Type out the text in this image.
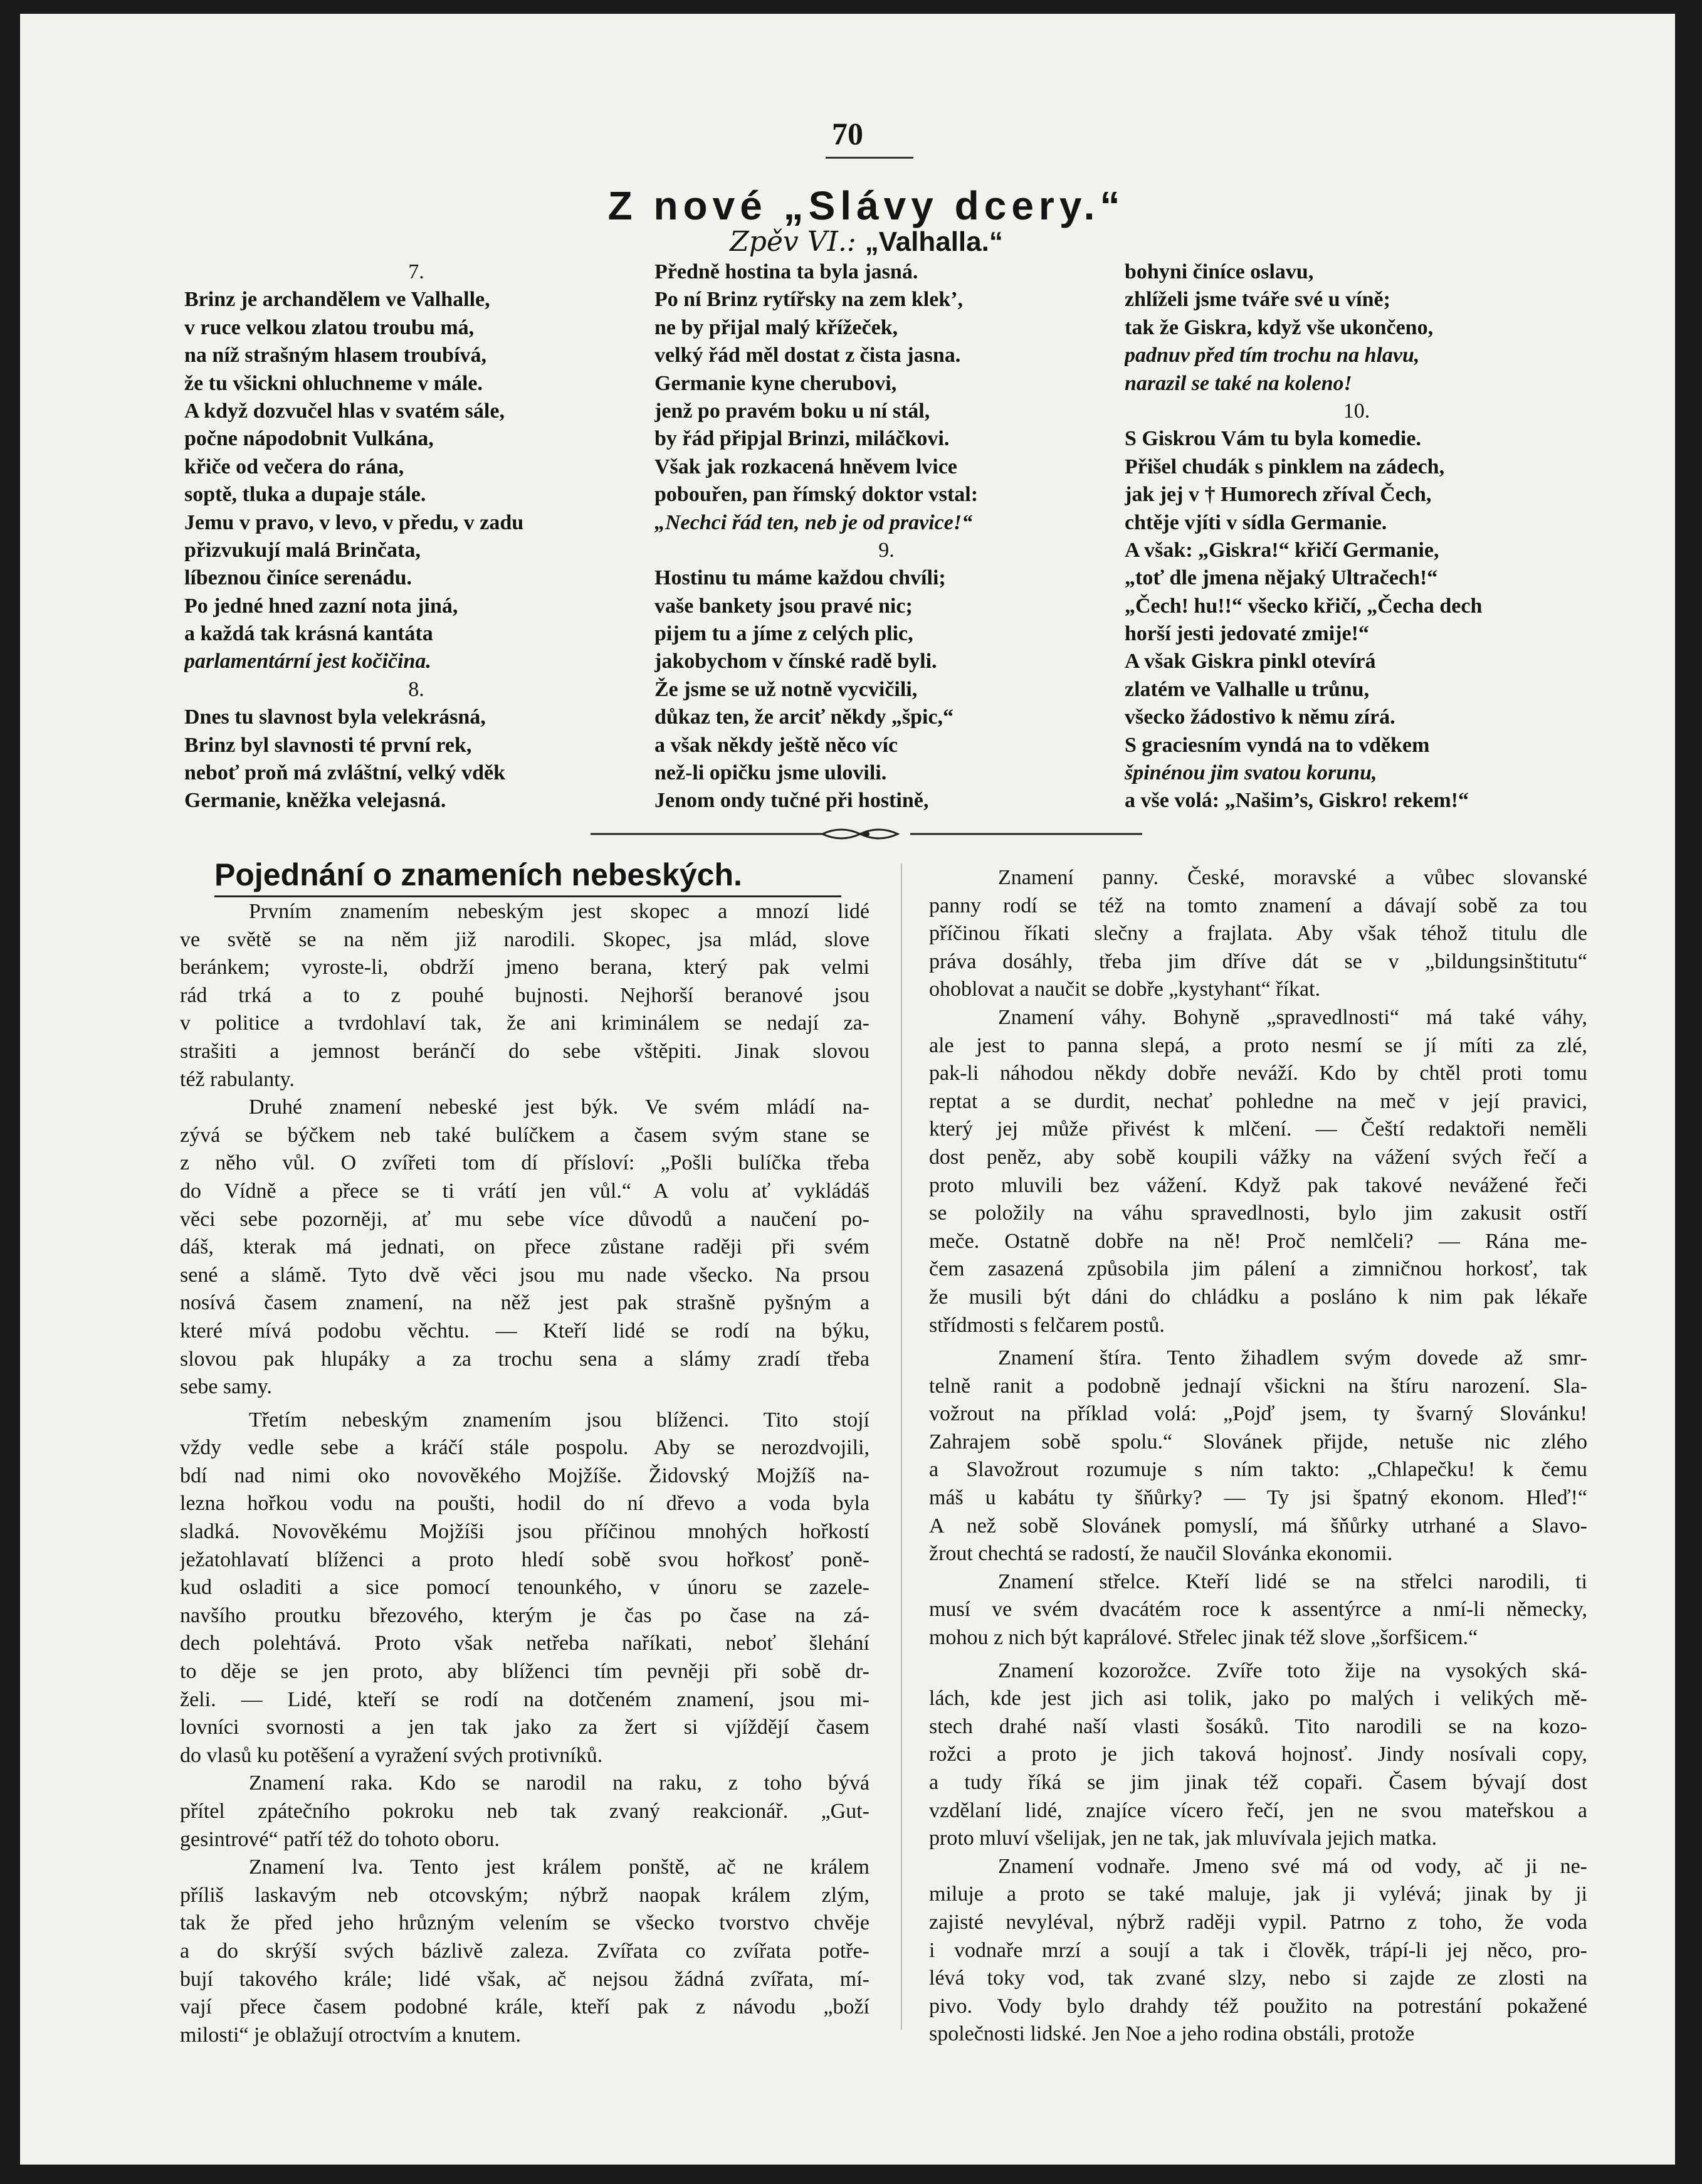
70
Z nové „Slávy dcery.“
Zpěv VI.: „Valhalla.“
7.
Brinz je archandělem ve Valhalle,
v ruce velkou zlatou troubu má,
na níž strašným hlasem troubívá,
že tu všickni ohluchneme v mále.
A když dozvučel hlas v svatém sále,
počne nápodobnit Vulkána,
křiče od večera do rána,
soptě, tluka a dupaje stále.
Jemu v pravo, v levo, v předu, v zadu
přizvukují malá Brinčata,
líbeznou činíce serenádu.
Po jedné hned zazní nota jiná,
a každá tak krásná kantáta
parlamentární jest kočičina.
8.
Dnes tu slavnost byla velekrásná,
Brinz byl slavnosti té první rek,
neboť proň má zvláštní, velký vděk
Germanie, kněžka velejasná.
Předně hostina ta byla jasná.
Po ní Brinz rytířsky na zem klek’,
ne by přijal malý křížeček,
velký řád měl dostat z čista jasna.
Germanie kyne cherubovi,
jenž po pravém boku u ní stál,
by řád připjal Brinzi, miláčkovi.
Však jak rozkacená hněvem lvice
pobouřen, pan římský doktor vstal:
„Nechci řád ten, neb je od pravice!“
9.
Hostinu tu máme každou chvíli;
vaše bankety jsou pravé nic;
pijem tu a jíme z celých plic,
jakobychom v čínské radě byli.
Že jsme se už notně vycvičili,
důkaz ten, že arciť někdy „špic,“
a však někdy ještě něco víc
než-li opičku jsme ulovili.
Jenom ondy tučné při hostině,
bohyni činíce oslavu,
zhlíželi jsme tváře své u víně;
tak že Giskra, když vše ukončeno,
padnuv před tím trochu na hlavu,
narazil se také na koleno!
10.
S Giskrou Vám tu byla komedie.
Přišel chudák s pinklem na zádech,
jak jej v † Humorech zříval Čech,
chtěje vjíti v sídla Germanie.
A však: „Giskra!“ křičí Germanie,
„toť dle jmena nějaký Ultračech!“
„Čech! hu!!“ všecko křičí, „Čecha dech
horší jesti jedovaté zmije!“
A však Giskra pinkl otevírá
zlatém ve Valhalle u trůnu,
všecko žádostivo k němu zírá.
S graciesním vyndá na to vděkem
špinénou jim svatou korunu,
a vše volá: „Našim’s, Giskro! rekem!“
Pojednání o znameních nebeských.
Prvním znamením nebeským jest skopec a mnozí lidé
ve světě se na něm již narodili. Skopec, jsa mlád, slove
beránkem; vyroste-li, obdrží jmeno berana, který pak velmi
rád trká a to z pouhé bujnosti. Nejhorší beranové jsou
v politice a tvrdohlaví tak, že ani kriminálem se nedají za-
strašiti a jemnost beránčí do sebe vštěpiti. Jinak slovou
též rabulanty.
Druhé znamení nebeské jest býk. Ve svém mládí na-
zývá se býčkem neb také bulíčkem a časem svým stane se
z něho vůl. O zvířeti tom dí přísloví: „Pošli bulíčka třeba
do Vídně a přece se ti vrátí jen vůl.“ A volu ať vykládáš
věci sebe pozorněji, ať mu sebe více důvodů a naučení po-
dáš, kterak má jednati, on přece zůstane raději při svém
sené a slámě. Tyto dvě věci jsou mu nade všecko. Na prsou
nosívá časem znamení, na něž jest pak strašně pyšným a
které mívá podobu věchtu. — Kteří lidé se rodí na býku,
slovou pak hlupáky a za trochu sena a slámy zradí třeba
sebe samy.
Třetím nebeským znamením jsou blíženci. Tito stojí
vždy vedle sebe a kráčí stále pospolu. Aby se nerozdvojili,
bdí nad nimi oko novověkého Mojžíše. Židovský Mojžíš na-
lezna hořkou vodu na poušti, hodil do ní dřevo a voda byla
sladká. Novověkému Mojžíši jsou příčinou mnohých hořkostí
ježatohlavatí blíženci a proto hledí sobě svou hořkosť poně-
kud osladiti a sice pomocí tenounkého, v únoru se zazele-
navšího proutku březového, kterým je čas po čase na zá-
dech polehtává. Proto však netřeba naříkati, neboť šlehání
to děje se jen proto, aby blíženci tím pevněji při sobě dr-
želi. — Lidé, kteří se rodí na dotčeném znamení, jsou mi-
lovníci svornosti a jen tak jako za žert si vjíždějí časem
do vlasů ku potěšení a vyražení svých protivníků.
Znamení raka. Kdo se narodil na raku, z toho bývá
přítel zpátečního pokroku neb tak zvaný reakcionář. „Gut-
gesintrové“ patří též do tohoto oboru.
Znamení lva. Tento jest králem ponště, ač ne králem
příliš laskavým neb otcovským; nýbrž naopak králem zlým,
tak že před jeho hrůzným velením se všecko tvorstvo chvěje
a do skrýší svých bázlivě zaleza. Zvířata co zvířata potře-
bují takového krále; lidé však, ač nejsou žádná zvířata, mí-
vají přece časem podobné krále, kteří pak z návodu „boží
milosti“ je oblažují otroctvím a knutem.
Znamení panny. České, moravské a vůbec slovanské
panny rodí se též na tomto znamení a dávají sobě za tou
příčinou říkati slečny a frajlata. Aby však téhož titulu dle
práva dosáhly, třeba jim dříve dát se v „bildungsinštitutu“
ohoblovat a naučit se dobře „kystyhant“ říkat.
Znamení váhy. Bohyně „spravedlnosti“ má také váhy,
ale jest to panna slepá, a proto nesmí se jí míti za zlé,
pak-li náhodou někdy dobře neváží. Kdo by chtěl proti tomu
reptat a se durdit, nechať pohledne na meč v její pravici,
který jej může přivést k mlčení. — Čeští redaktoři neměli
dost peněz, aby sobě koupili vážky na vážení svých řečí a
proto mluvili bez vážení. Když pak takové nevážené řeči
se položily na váhu spravedlnosti, bylo jim zakusit ostří
meče. Ostatně dobře na ně! Proč nemlčeli? — Rána me-
čem zasazená způsobila jim pálení a zimničnou horkosť, tak
že musili být dáni do chládku a posláno k nim pak lékaře
střídmosti s felčarem postů.
Znamení štíra. Tento žihadlem svým dovede až smr-
telně ranit a podobně jednají všickni na štíru narození. Sla-
vožrout na příklad volá: „Pojď jsem, ty švarný Slovánku!
Zahrajem sobě spolu.“ Slovánek přijde, netuše nic zlého
a Slavožrout rozumuje s ním takto: „Chlapečku! k čemu
máš u kabátu ty šňůrky? — Ty jsi špatný ekonom. Hleď!“
A než sobě Slovánek pomyslí, má šňůrky utrhané a Slavo-
žrout chechtá se radostí, že naučil Slovánka ekonomii.
Znamení střelce. Kteří lidé se na střelci narodili, ti
musí ve svém dvacátém roce k assentýrce a nmí-li německy,
mohou z nich být kaprálové. Střelec jinak též slove „šorfšicem.“
Znamení kozorožce. Zvíře toto žije na vysokých ská-
lách, kde jest jich asi tolik, jako po malých i velikých mě-
stech drahé naší vlasti šosáků. Tito narodili se na kozo-
rožci a proto je jich taková hojnosť. Jindy nosívali copy,
a tudy říká se jim jinak též copaři. Časem bývají dost
vzdělaní lidé, znajíce vícero řečí, jen ne svou mateřskou a
proto mluví všelijak, jen ne tak, jak mluvívala jejich matka.
Znamení vodnaře. Jmeno své má od vody, ač ji ne-
miluje a proto se také maluje, jak ji vylévá; jinak by ji
zajisté nevyléval, nýbrž raději vypil. Patrno z toho, že voda
i vodnaře mrzí a soují a tak i člověk, trápí-li jej něco, pro-
lévá toky vod, tak zvané slzy, nebo si zajde ze zlosti na
pivo. Vody bylo drahdy též použito na potrestání pokažené
společnosti lidské. Jen Noe a jeho rodina obstáli, protože
